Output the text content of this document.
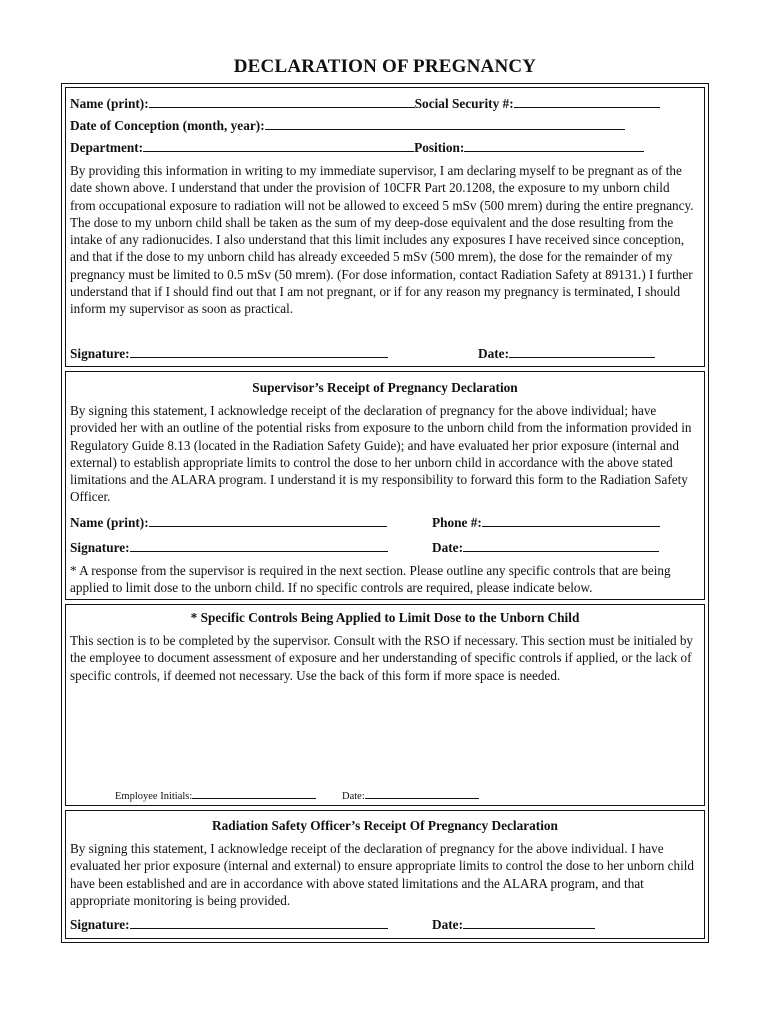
DECLARATION OF PREGNANCY
Name (print):	Social Security #:
Date of Conception (month, year):
Department:	Position:
By providing this information in writing to my immediate supervisor, I am declaring myself to be pregnant as of the date shown above. I understand that under the provision of 10CFR Part 20.1208, the exposure to my unborn child from occupational exposure to radiation will not be allowed to exceed 5 mSv (500 mrem) during the entire pregnancy. The dose to my unborn child shall be taken as the sum of my deep-dose equivalent and the dose resulting from the intake of any radionucides. I also understand that this limit includes any exposures I have received since conception, and that if the dose to my unborn child has already exceeded 5 mSv (500 mrem), the dose for the remainder of my pregnancy must be limited to 0.5 mSv (50 mrem). (For dose information, contact Radiation Safety at 89131.) I further understand that if I should find out that I am not pregnant, or if for any reason my pregnancy is terminated, I should inform my supervisor as soon as practical.
Signature:	Date:
Supervisor’s Receipt of Pregnancy Declaration
By signing this statement, I acknowledge receipt of the declaration of pregnancy for the above individual; have provided her with an outline of the potential risks from exposure to the unborn child from the information provided in Regulatory Guide 8.13 (located in the Radiation Safety Guide); and have evaluated her prior exposure (internal and external) to establish appropriate limits to control the dose to her unborn child in accordance with the above stated limitations and the ALARA program. I understand it is my responsibility to forward this form to the Radiation Safety Officer.
Name (print):	Phone #:
Signature:	Date:
* A response from the supervisor is required in the next section. Please outline any specific controls that are being applied to limit dose to the unborn child. If no specific controls are required, please indicate below.
* Specific Controls Being Applied to Limit Dose to the Unborn Child
This section is to be completed by the supervisor. Consult with the RSO if necessary. This section must be initialed by the employee to document assessment of exposure and her understanding of specific controls if applied, or the lack of specific controls, if deemed not necessary. Use the back of this form if more space is needed.
Employee Initials:	Date:
Radiation Safety Officer’s Receipt Of Pregnancy Declaration
By signing this statement, I acknowledge receipt of the declaration of pregnancy for the above individual. I have evaluated her prior exposure (internal and external) to ensure appropriate limits to control the dose to her unborn child have been established and are in accordance with above stated limitations and the ALARA program, and that appropriate monitoring is being provided.
Signature:	Date:
